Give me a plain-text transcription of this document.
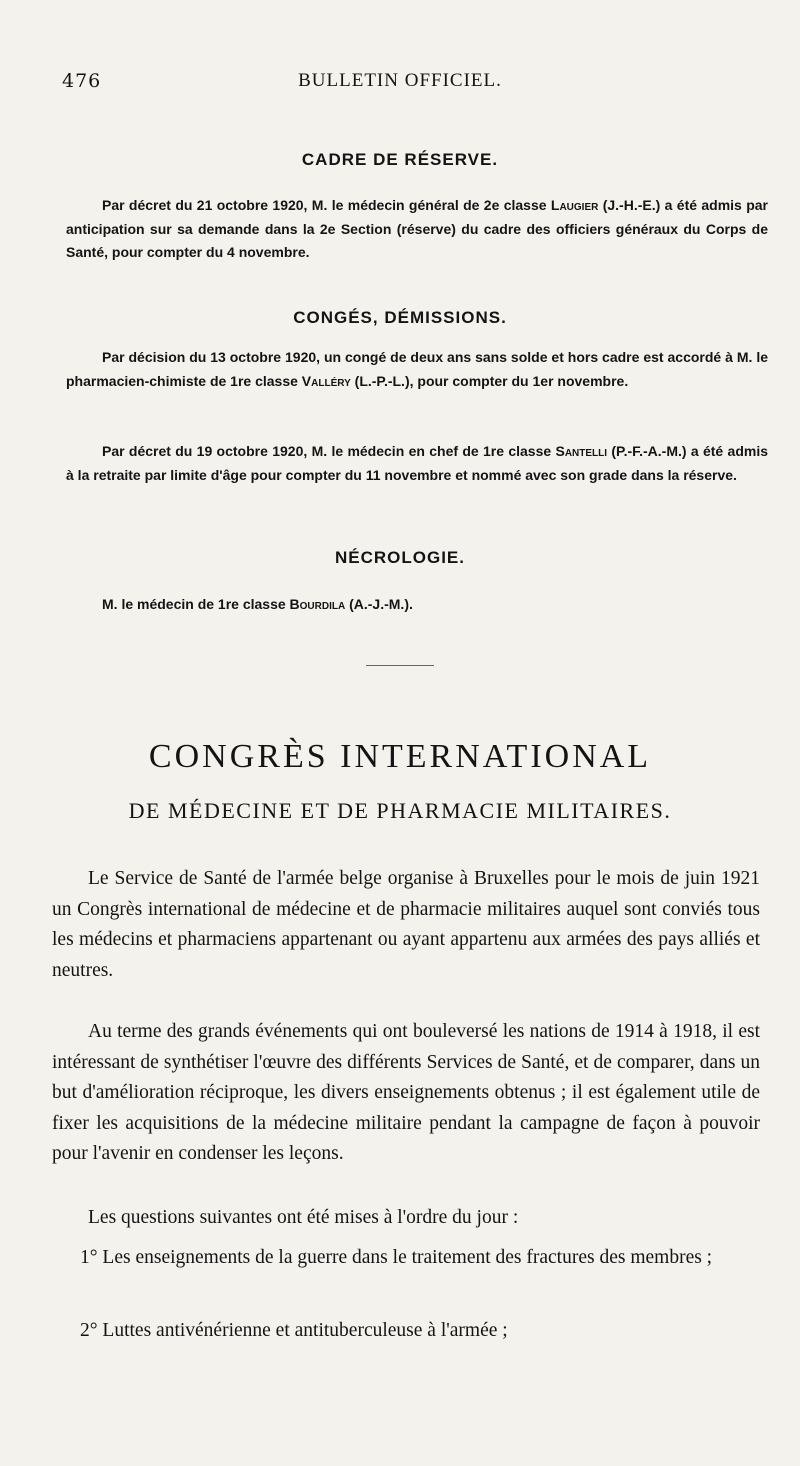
476	BULLETIN OFFICIEL.
CADRE DE RÉSERVE.

Par décret du 21 octobre 1920, M. le médecin général de 2e classe Laugier (J.-H.-E.) a été admis par anticipation sur sa demande dans la 2e Section (réserve) du cadre des officiers généraux du Corps de Santé, pour compter du 4 novembre.

CONGÉS, DÉMISSIONS.

Par décision du 13 octobre 1920, un congé de deux ans sans solde et hors cadre est accordé à M. le pharmacien-chimiste de 1re classe Valléry (L.-P.-L.), pour compter du 1er novembre.

Par décret du 19 octobre 1920, M. le médecin en chef de 1re classe Santelli (P.-F.-A.-M.) a été admis à la retraite par limite d'âge pour compter du 11 novembre et nommé avec son grade dans la réserve.

NÉCROLOGIE.

M. le médecin de 1re classe Bourdila (A.-J.-M.).

CONGRÈS INTERNATIONAL
DE MÉDECINE ET DE PHARMACIE MILITAIRES.

Le Service de Santé de l'armée belge organise à Bruxelles pour le mois de juin 1921 un Congrès international de médecine et de pharmacie militaires auquel sont conviés tous les médecins et pharmaciens appartenant ou ayant appartenu aux armées des pays alliés et neutres.

Au terme des grands événements qui ont bouleversé les nations de 1914 à 1918, il est intéressant de synthétiser l'œuvre des différents Services de Santé, et de comparer, dans un but d'amélioration réciproque, les divers enseignements obtenus ; il est également utile de fixer les acquisitions de la médecine militaire pendant la campagne de façon à pouvoir pour l'avenir en condenser les leçons.

Les questions suivantes ont été mises à l'ordre du jour :

1° Les enseignements de la guerre dans le traitement des fractures des membres ;

2° Luttes antivénérienne et antituberculeuse à l'armée ;
